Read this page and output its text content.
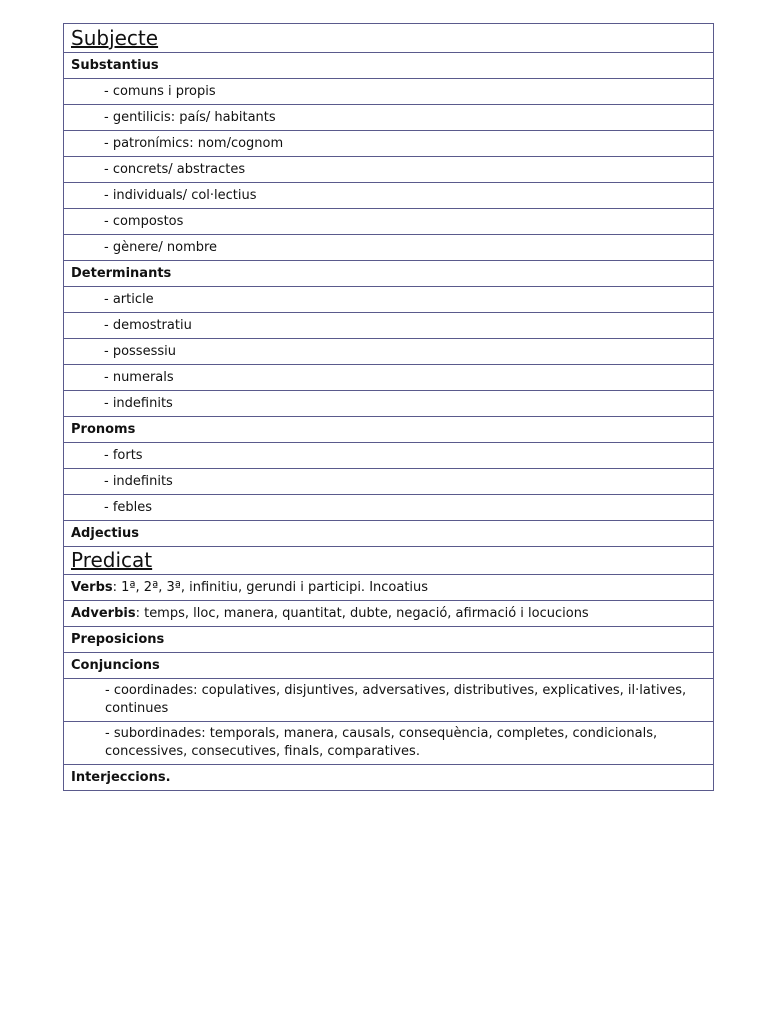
Subjecte
Substantius
- comuns i propis
- gentilicis: país/ habitants
- patronímics: nom/cognom
- concrets/ abstractes
- individuals/ col·lectius
- compostos
- gènere/ nombre
Determinants
- article
- demostratiu
- possessiu
- numerals
- indefinits
Pronoms
- forts
- indefinits
- febles
Adjectius
Predicat
Verbs: 1ª, 2ª, 3ª, infinitiu, gerundi i participi. Incoatius
Adverbis: temps, lloc, manera, quantitat, dubte, negació, afirmació i locucions
Preposicions
Conjuncions
- coordinades: copulatives, disjuntives, adversatives, distributives, explicatives, il·latives, continues
- subordinades: temporals, manera, causals, consequència, completes, condicionals, concessives, consecutives, finals, comparatives.
Interjeccions.
